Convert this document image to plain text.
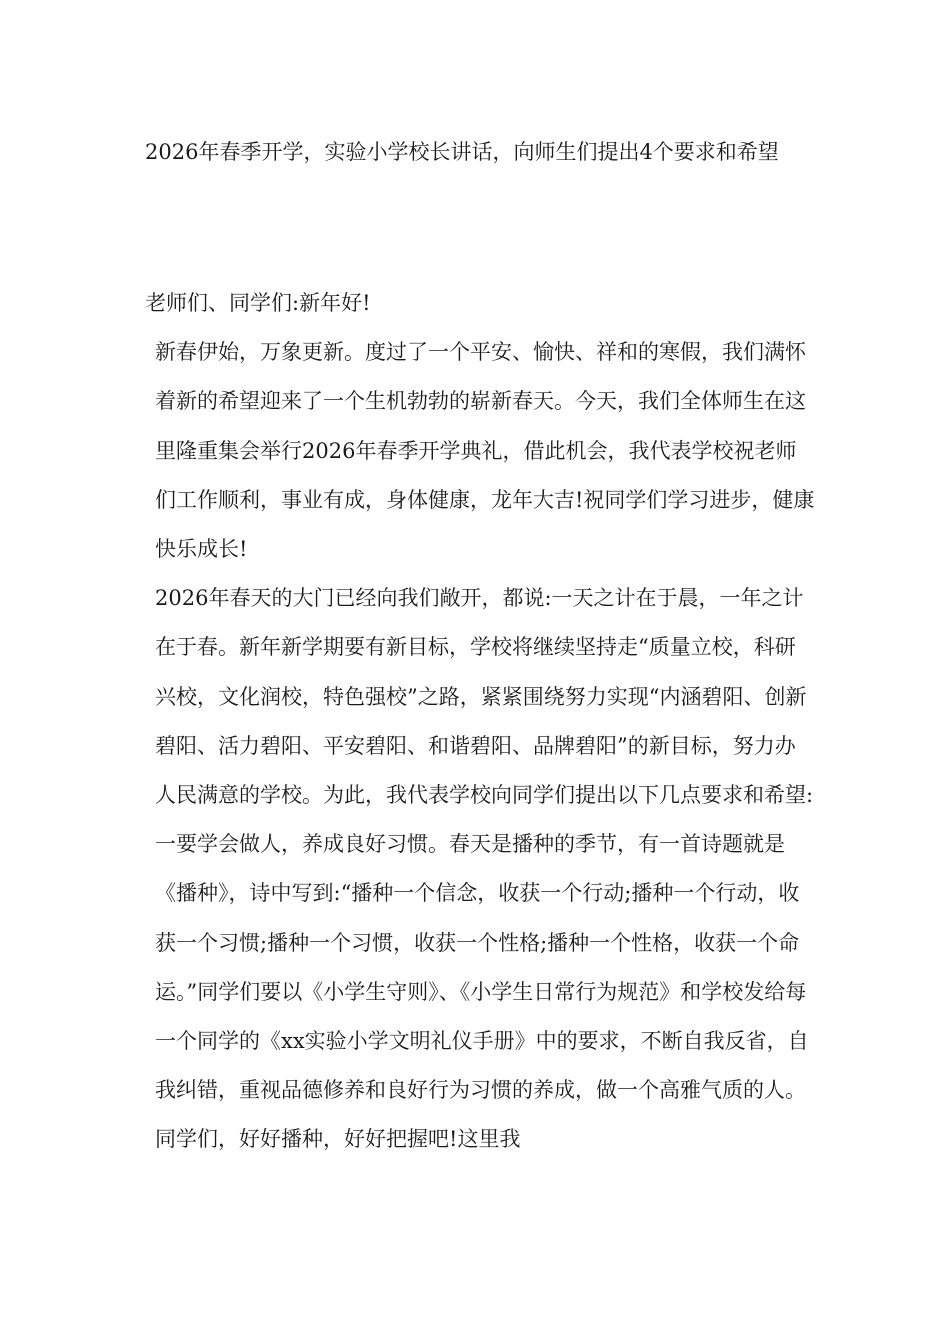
2026年春季开学，实验小学校长讲话，向师生们提出4个要求和希望

老师们、同学们:新年好!

新春伊始，万象更新。度过了一个平安、愉快、祥和的寒假，我们满怀着新的希望迎来了一个生机勃勃的崭新春天。今天，我们全体师生在这里隆重集会举行2026年春季开学典礼，借此机会，我代表学校祝老师们工作顺利，事业有成，身体健康，龙年大吉!祝同学们学习进步，健康快乐成长!

2026年春天的大门已经向我们敞开，都说:一天之计在于晨，一年之计在于春。新年新学期要有新目标，学校将继续坚持走“质量立校，科研兴校，文化润校，特色强校”之路，紧紧围绕努力实现“内涵碧阳、创新碧阳、活力碧阳、平安碧阳、和谐碧阳、品牌碧阳”的新目标，努力办人民满意的学校。为此，我代表学校向同学们提出以下几点要求和希望:

一要学会做人，养成良好习惯。春天是播种的季节，有一首诗题就是《播种》，诗中写到:“播种一个信念，收获一个行动;播种一个行动，收获一个习惯;播种一个习惯，收获一个性格;播种一个性格，收获一个命运。”同学们要以《小学生守则》、《小学生日常行为规范》和学校发给每一个同学的《xx实验小学文明礼仪手册》中的要求，不断自我反省，自我纠错，重视品德修养和良好行为习惯的养成，做一个高雅气质的人。同学们，好好播种，好好把握吧!这里我
